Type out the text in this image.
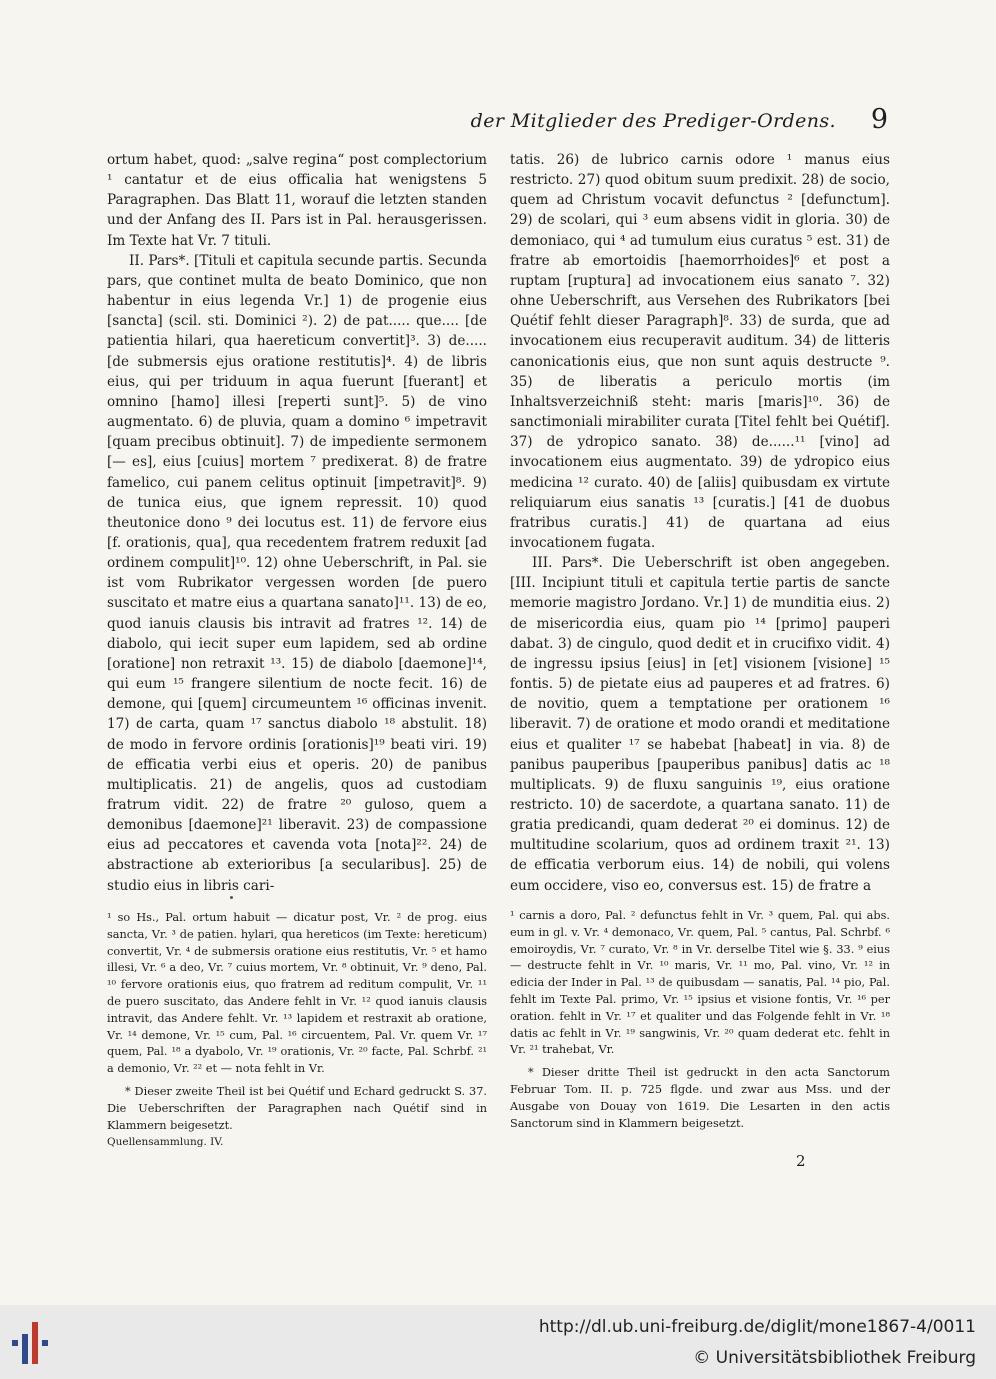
der Mitglieder des Prediger-Ordens. 9

ortum habet, quod: „salve regina“ post complectorium ¹ cantatur et de eius officalia hat wenigstens 5 Paragraphen. Das Blatt 11, worauf die letzten standen und der Anfang des II. Pars ist in Pal. herausgerissen. Im Texte hat Vr. 7 tituli.

II. Pars*. [Tituli et capitula secunde partis. Secunda pars, que continet multa de beato Dominico, que non habentur in eius legenda Vr.] 1) de progenie eius [sancta] (scil. sti. Dominici ²). 2) de pat..... que.... [de patientia hilari, qua haereticum convertit]³. 3) de..... [de submersis ejus oratione restitutis]⁴. 4) de libris eius, qui per triduum in aqua fuerunt [fuerant] et omnino [hamo] illesi [reperti sunt]⁵. 5) de vino augmentato. 6) de pluvia, quam a domino ⁶ impetravit [quam precibus obtinuit]. 7) de impediente sermonem [— es], eius [cuius] mortem ⁷ predixerat. 8) de fratre famelico, cui panem celitus optinuit [impetravit]⁸. 9) de tunica eius, que ignem repressit. 10) quod theutonice dono ⁹ dei locutus est. 11) de fervore eius [f. orationis, qua], qua recedentem fratrem reduxit [ad ordinem compulit]¹⁰. 12) ohne Ueberschrift, in Pal. sie ist vom Rubrikator vergessen worden [de puero suscitato et matre eius a quartana sanato]¹¹. 13) de eo, quod ianuis clausis bis intravit ad fratres ¹². 14) de diabolo, qui iecit super eum lapidem, sed ab ordine [oratione] non retraxit ¹³. 15) de diabolo [daemone]¹⁴, qui eum ¹⁵ frangere silentium de nocte fecit. 16) de demone, qui [quem] circumeuntem ¹⁶ officinas invenit. 17) de carta, quam ¹⁷ sanctus diabolo ¹⁸ abstulit. 18) de modo in fervore ordinis [orationis]¹⁹ beati viri. 19) de efficatia verbi eius et operis. 20) de panibus multiplicatis. 21) de angelis, quos ad custodiam fratrum vidit. 22) de fratre ²⁰ guloso, quem a demonibus [daemone]²¹ liberavit. 23) de compassione eius ad peccatores et cavenda vota [nota]²². 24) de abstractione ab exterioribus [a secularibus]. 25) de studio eius in libris cari-

tatis. 26) de lubrico carnis odore ¹ manus eius restricto. 27) quod obitum suum predixit. 28) de socio, quem ad Christum vocavit defunctus ² [defunctum]. 29) de scolari, qui ³ eum absens vidit in gloria. 30) de demoniaco, qui ⁴ ad tumulum eius curatus ⁵ est. 31) de fratre ab emortoidis [haemorrhoides]⁶ et post a ruptam [ruptura] ad invocationem eius sanato ⁷. 32) ohne Ueberschrift, aus Versehen des Rubrikators [bei Quétif fehlt dieser Paragraph]⁸. 33) de surda, que ad invocationem eius recuperavit auditum. 34) de litteris canonicationis eius, que non sunt aquis destructe ⁹. 35) de liberatis a periculo mortis (im Inhaltsverzeichniß steht: maris [maris]¹⁰. 36) de sanctimoniali mirabiliter curata [Titel fehlt bei Quétif]. 37) de ydropico sanato. 38) de......¹¹ [vino] ad invocationem eius augmentato. 39) de ydropico eius medicina ¹² curato. 40) de [aliis] quibusdam ex virtute reliquiarum eius sanatis ¹³ [curatis.] [41 de duobus fratribus curatis.] 41) de quartana ad eius invocationem fugata.

III. Pars*. Die Ueberschrift ist oben angegeben. [III. Incipiunt tituli et capitula tertie partis de sancte memorie magistro Jordano. Vr.] 1) de munditia eius. 2) de misericordia eius, quam pio ¹⁴ [primo] pauperi dabat. 3) de cingulo, quod dedit et in crucifixo vidit. 4) de ingressu ipsius [eius] in [et] visionem [visione] ¹⁵ fontis. 5) de pietate eius ad pauperes et ad fratres. 6) de novitio, quem a temptatione per orationem ¹⁶ liberavit. 7) de oratione et modo orandi et meditatione eius et qualiter ¹⁷ se habebat [habeat] in via. 8) de panibus pauperibus [pauperibus panibus] datis ac ¹⁸ multiplicats. 9) de fluxu sanguinis ¹⁹, eius oratione restricto. 10) de sacerdote, a quartana sanato. 11) de gratia predicandi, quam dederat ²⁰ ei dominus. 12) de multitudine scolarium, quos ad ordinem traxit ²¹. 13) de efficatia verborum eius. 14) de nobili, qui volens eum occidere, viso eo, conversus est. 15) de fratre a

¹ so Hs., Pal. ortum habuit — dicatur post, Vr. ² de prog. eius sancta, Vr. ³ de patien. hylari, qua hereticos (im Texte: hereticum) convertit, Vr. ⁴ de submersis oratione eius restitutis, Vr. ⁵ et hamo illesi, Vr. ⁶ a deo, Vr. ⁷ cuius mortem, Vr. ⁸ obtinuit, Vr. ⁹ deno, Pal. ¹⁰ fervore orationis eius, quo fratrem ad reditum compulit, Vr. ¹¹ de puero suscitato, das Andere fehlt in Vr. ¹² quod ianuis clausis intravit, das Andere fehlt. Vr. ¹³ lapidem et restraxit ab oratione, Vr. ¹⁴ demone, Vr. ¹⁵ cum, Pal. ¹⁶ circuentem, Pal. Vr. quem Vr. ¹⁷ quem, Pal. ¹⁸ a dyabolo, Vr. ¹⁹ orationis, Vr. ²⁰ facte, Pal. Schrbf. ²¹ a demonio, Vr. ²² et — nota fehlt in Vr.

* Dieser zweite Theil ist bei Quétif und Echard gedruckt S. 37. Die Ueberschriften der Paragraphen nach Quétif sind in Klammern beigesetzt.

Quellensammlung. IV.

¹ carnis a doro, Pal. ² defunctus fehlt in Vr. ³ quem, Pal. qui abs. eum in gl. v. Vr. ⁴ demonaco, Vr. quem, Pal. ⁵ cantus, Pal. Schrbf. ⁶ emoiroydis, Vr. ⁷ curato, Vr. ⁸ in Vr. derselbe Titel wie §. 33. ⁹ eius — destructe fehlt in Vr. ¹⁰ maris, Vr. ¹¹ mo, Pal. vino, Vr. ¹² in edicia der Inder in Pal. ¹³ de quibusdam — sanatis, Pal. ¹⁴ pio, Pal. fehlt im Texte Pal. primo, Vr. ¹⁵ ipsius et visione fontis, Vr. ¹⁶ per oration. fehlt in Vr. ¹⁷ et qualiter und das Folgende fehlt in Vr. ¹⁸ datis ac fehlt in Vr. ¹⁹ sangwinis, Vr. ²⁰ quam dederat etc. fehlt in Vr. ²¹ trahebat, Vr.

* Dieser dritte Theil ist gedruckt in den acta Sanctorum Februar Tom. II. p. 725 flgde. und zwar aus Mss. und der Ausgabe von Douay von 1619. Die Lesarten in den actis Sanctorum sind in Klammern beigesetzt.

2
http://dl.ub.uni-freiburg.de/diglit/mone1867-4/0011
© Universitätsbibliothek Freiburg
